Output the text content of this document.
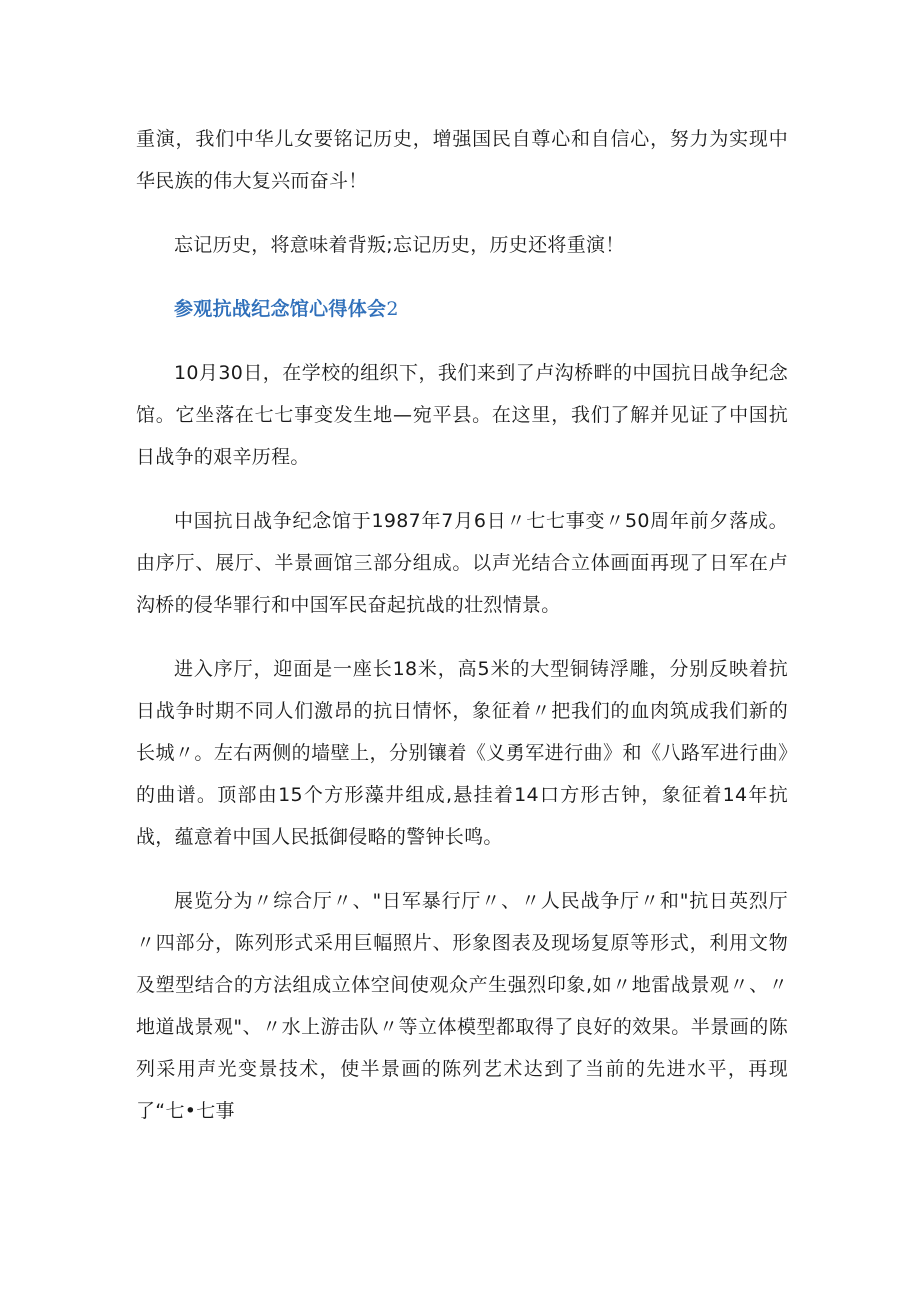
重演，我们中华儿女要铭记历史，增强国民自尊心和自信心，努力为实现中华民族的伟大复兴而奋斗！

忘记历史，将意味着背叛;忘记历史，历史还将重演！

参观抗战纪念馆心得体会2

10月30日，在学校的组织下，我们来到了卢沟桥畔的中国抗日战争纪念馆。它坐落在七七事变发生地—宛平县。在这里，我们了解并见证了中国抗日战争的艰辛历程。

中国抗日战争纪念馆于1987年7月6日〃七七事变〃50周年前夕落成。由序厅、展厅、半景画馆三部分组成。以声光结合立体画面再现了日军在卢沟桥的侵华罪行和中国军民奋起抗战的壮烈情景。

进入序厅，迎面是一座长18米，高5米的大型铜铸浮雕，分别反映着抗日战争时期不同人们激昂的抗日情怀，象征着〃把我们的血肉筑成我们新的长城〃。左右两侧的墙壁上，分别镶着《义勇军进行曲》和《八路军进行曲》的曲谱。顶部由15个方形藻井组成,悬挂着14口方形古钟，象征着14年抗战，蕴意着中国人民抵御侵略的警钟长鸣。

展览分为〃综合厅〃、"日军暴行厅〃、〃人民战争厅〃和"抗日英烈厅〃四部分，陈列形式采用巨幅照片、形象图表及现场复原等形式，利用文物及塑型结合的方法组成立体空间使观众产生强烈印象,如〃地雷战景观〃、〃地道战景观"、〃水上游击队〃等立体模型都取得了良好的效果。半景画的陈列采用声光变景技术，使半景画的陈列艺术达到了当前的先进水平，再现了“七•七事
